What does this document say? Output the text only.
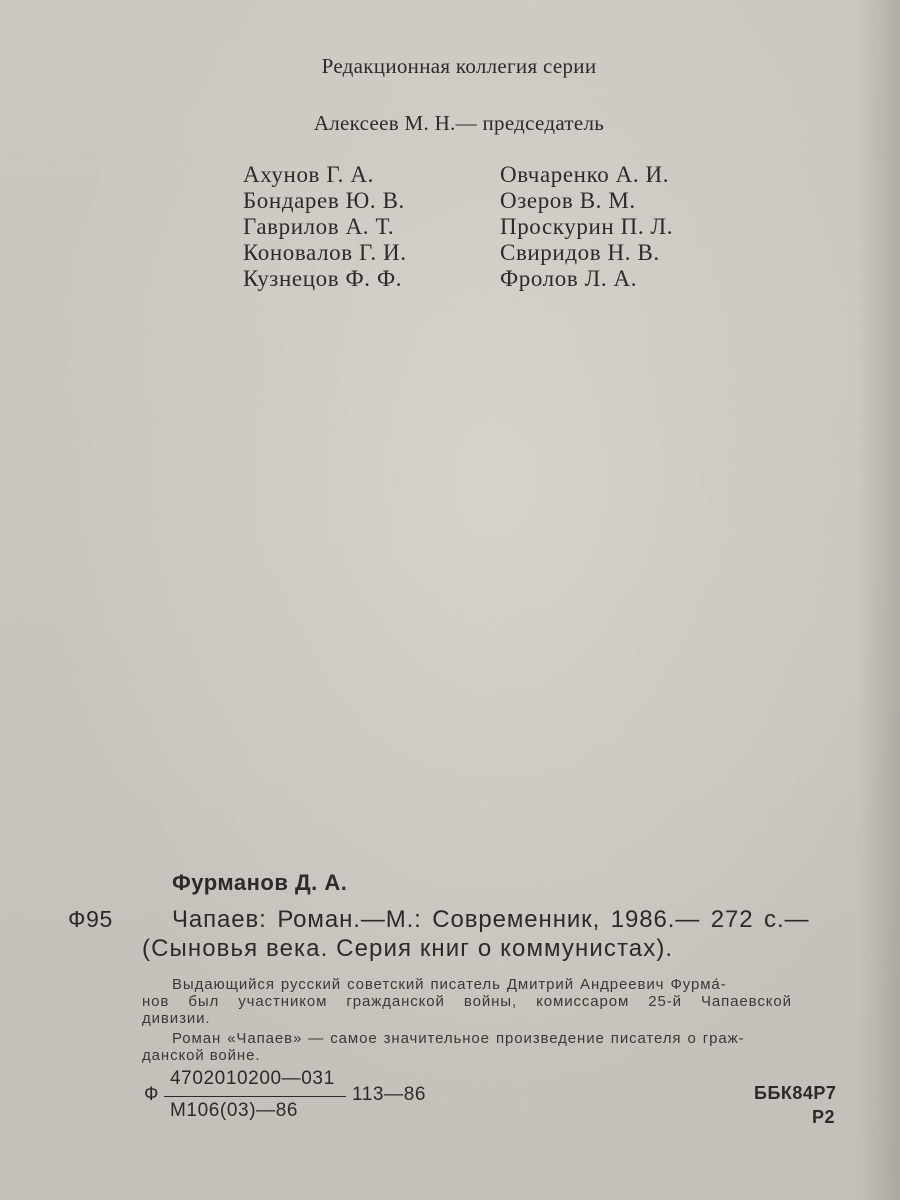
Редакционная коллегия серии
Алексеев М. Н.— председатель
Ахунов Г. А.
Бондарев Ю. В.
Гаврилов А. Т.
Коновалов Г. И.
Кузнецов Ф. Ф.
Овчаренко А. И.
Озеров В. М.
Проскурин П. Л.
Свиридов Н. В.
Фролов Л. А.
Фурманов Д. А.
Ф95 Чапаев: Роман.—М.: Современник, 1986.— 272 с.—
(Сыновья века. Серия книг о коммунистах).
Выдающийся русский советский писатель Дмитрий Андреевич Фурма́-
нов был участником гражданской войны, комиссаром 25-й Чапаевской
дивизии.
Роман «Чапаев» — самое значительное произведение писателя о граж-
данской войне.
Ф
4702010200—031
М106(03)—86
113—86	ББК84Р7
Р2
